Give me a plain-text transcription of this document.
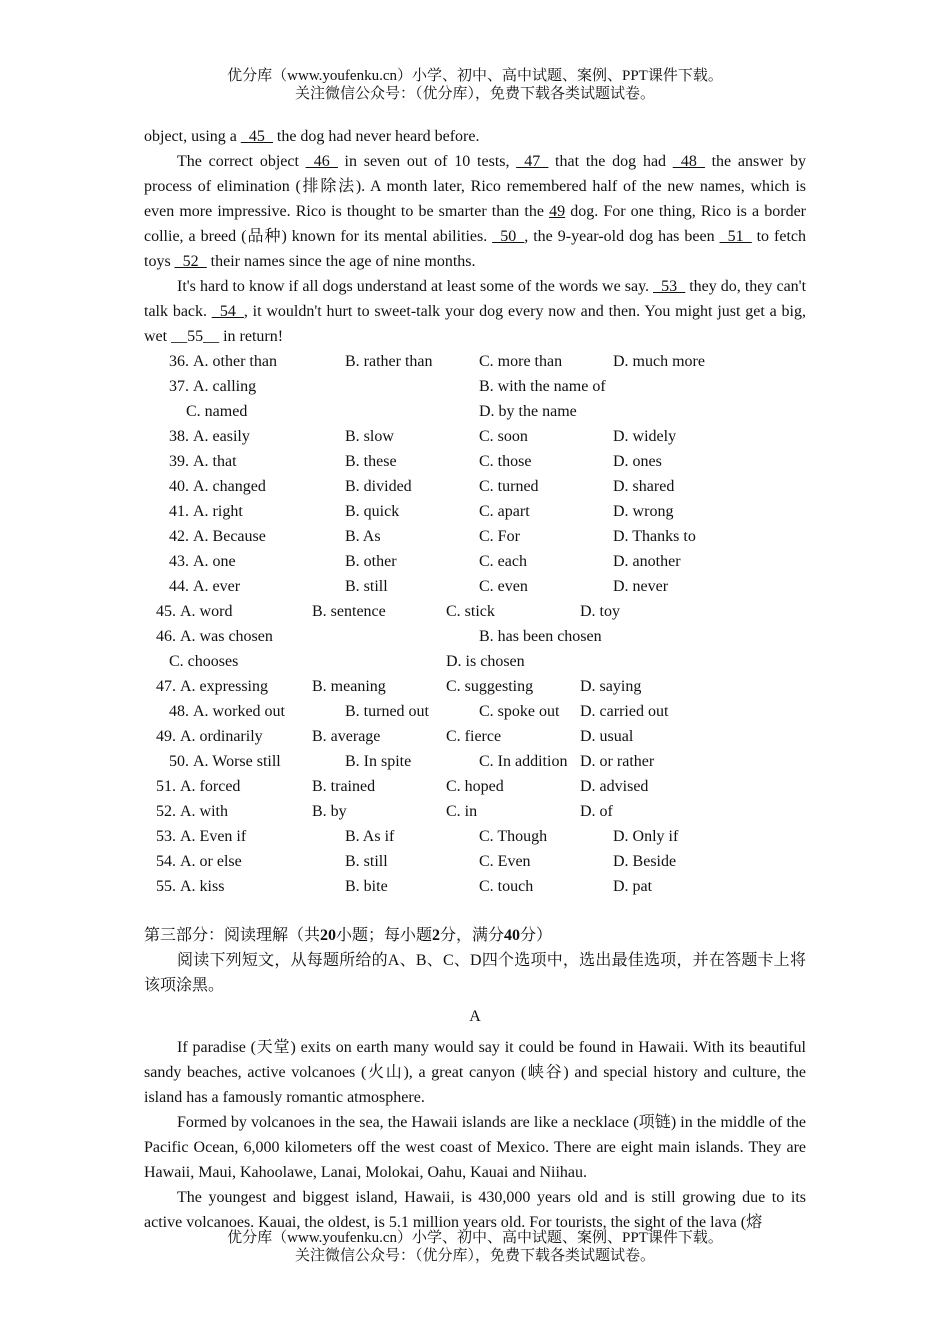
优分库（www.youfenku.cn）小学、初中、高中试题、案例、PPT课件下载。
关注微信公众号：（优分库），免费下载各类试题试卷。

object, using a _45_ the dog had never heard before.

The correct object _46_ in seven out of 10 tests, _47_ that the dog had _48_ the answer by process of elimination (排除法). A month later, Rico remembered half of the new names, which is even more impressive. Rico is thought to be smarter than the 49 dog. For one thing, Rico is a border collie, a breed (品种) known for its mental abilities. _50_, the 9-year-old dog has been _51_ to fetch toys _52_ their names since the age of nine months.

It's hard to know if all dogs understand at least some of the words we say. _53_ they do, they can't talk back. _54_, it wouldn't hurt to sweet-talk your dog every now and then. You might just get a big, wet __55__ in return!

36. A. other than	B. rather than	C. more than	D. much more
37. A. calling	B. with the name of
C. named	D. by the name
38. A. easily	B. slow	C. soon	D. widely
39. A. that	B. these	C. those	D. ones
40. A. changed	B. divided	C. turned	D. shared
41. A. right	B. quick	C. apart	D. wrong
42. A. Because	B. As	C. For	D. Thanks to
43. A. one	B. other	C. each	D. another
44. A. ever	B. still	C. even	D. never
45. A. word	B. sentence	C. stick	D. toy
46. A. was chosen	B. has been chosen
C. chooses	D. is chosen
47. A. expressing	B. meaning	C. suggesting	D. saying
48. A. worked out	B. turned out	C. spoke out D. carried out
49. A. ordinarily	B. average	C. fierce	D. usual
50. A. Worse still	B. In spite	C. In addition D. or rather
51. A. forced	B. trained	C. hoped	D. advised
52. A. with	B. by	C. in	D. of
53. A. Even if	B. As if	C. Though	D. Only if
54. A. or else	B. still	C. Even	D. Beside
55. A. kiss	B. bite	C. touch	D. pat

第三部分：阅读理解（共20小题；每小题2分，满分40分）

阅读下列短文，从每题所给的A、B、C、D四个选项中，选出最佳选项，并在答题卡上将该项涂黑。

A

If paradise (天堂) exits on earth many would say it could be found in Hawaii. With its beautiful sandy beaches, active volcanoes (火山), a great canyon (峡谷) and special history and culture, the island has a famously romantic atmosphere.

Formed by volcanoes in the sea, the Hawaii islands are like a necklace (项链) in the middle of the Pacific Ocean, 6,000 kilometers off the west coast of Mexico. There are eight main islands. They are Hawaii, Maui, Kahoolawe, Lanai, Molokai, Oahu, Kauai and Niihau.

The youngest and biggest island, Hawaii, is 430,000 years old and is still growing due to its active volcanoes. Kauai, the oldest, is 5.1 million years old. For tourists, the sight of the lava (熔

优分库（www.youfenku.cn）小学、初中、高中试题、案例、PPT课件下载。
关注微信公众号：（优分库），免费下载各类试题试卷。
